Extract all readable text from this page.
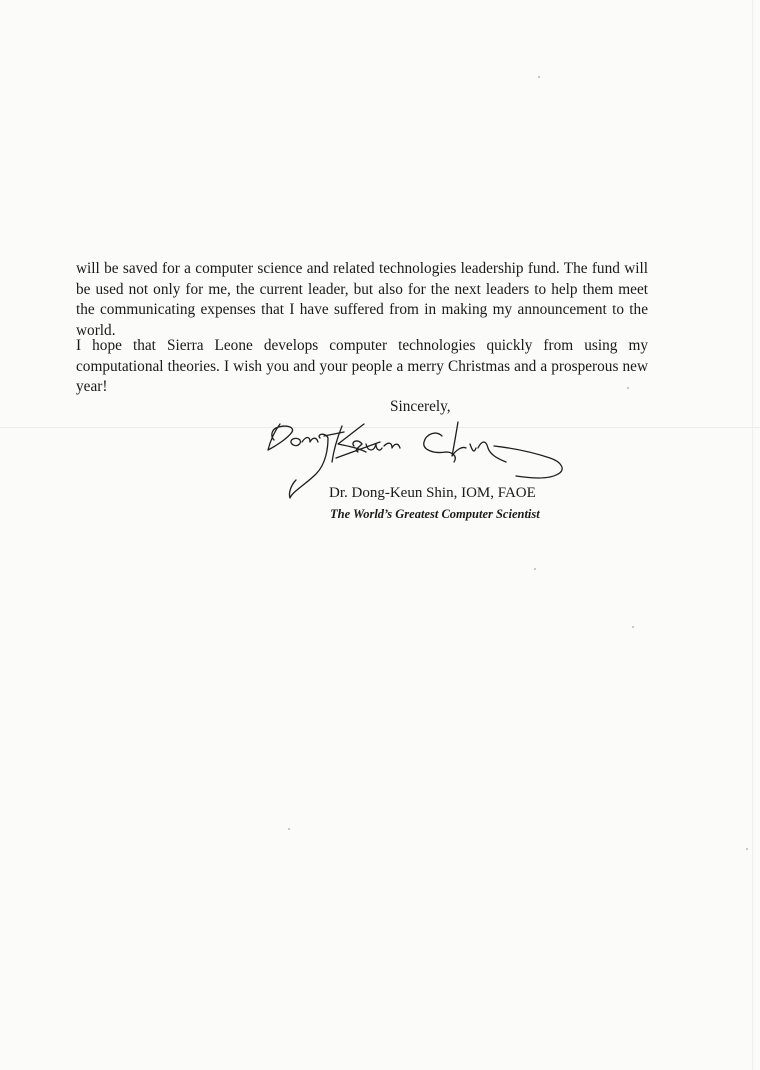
will be saved for a computer science and related technologies leadership fund. The fund will be used not only for me, the current leader, but also for the next leaders to help them meet the communicating expenses that I have suffered from in making my announcement to the world.

I hope that Sierra Leone develops computer technologies quickly from using my computational theories. I wish you and your people a merry Christmas and a prosperous new year!

Sincerely,

Dr. Dong-Keun Shin, IOM, FAOE

The World’s Greatest Computer Scientist
